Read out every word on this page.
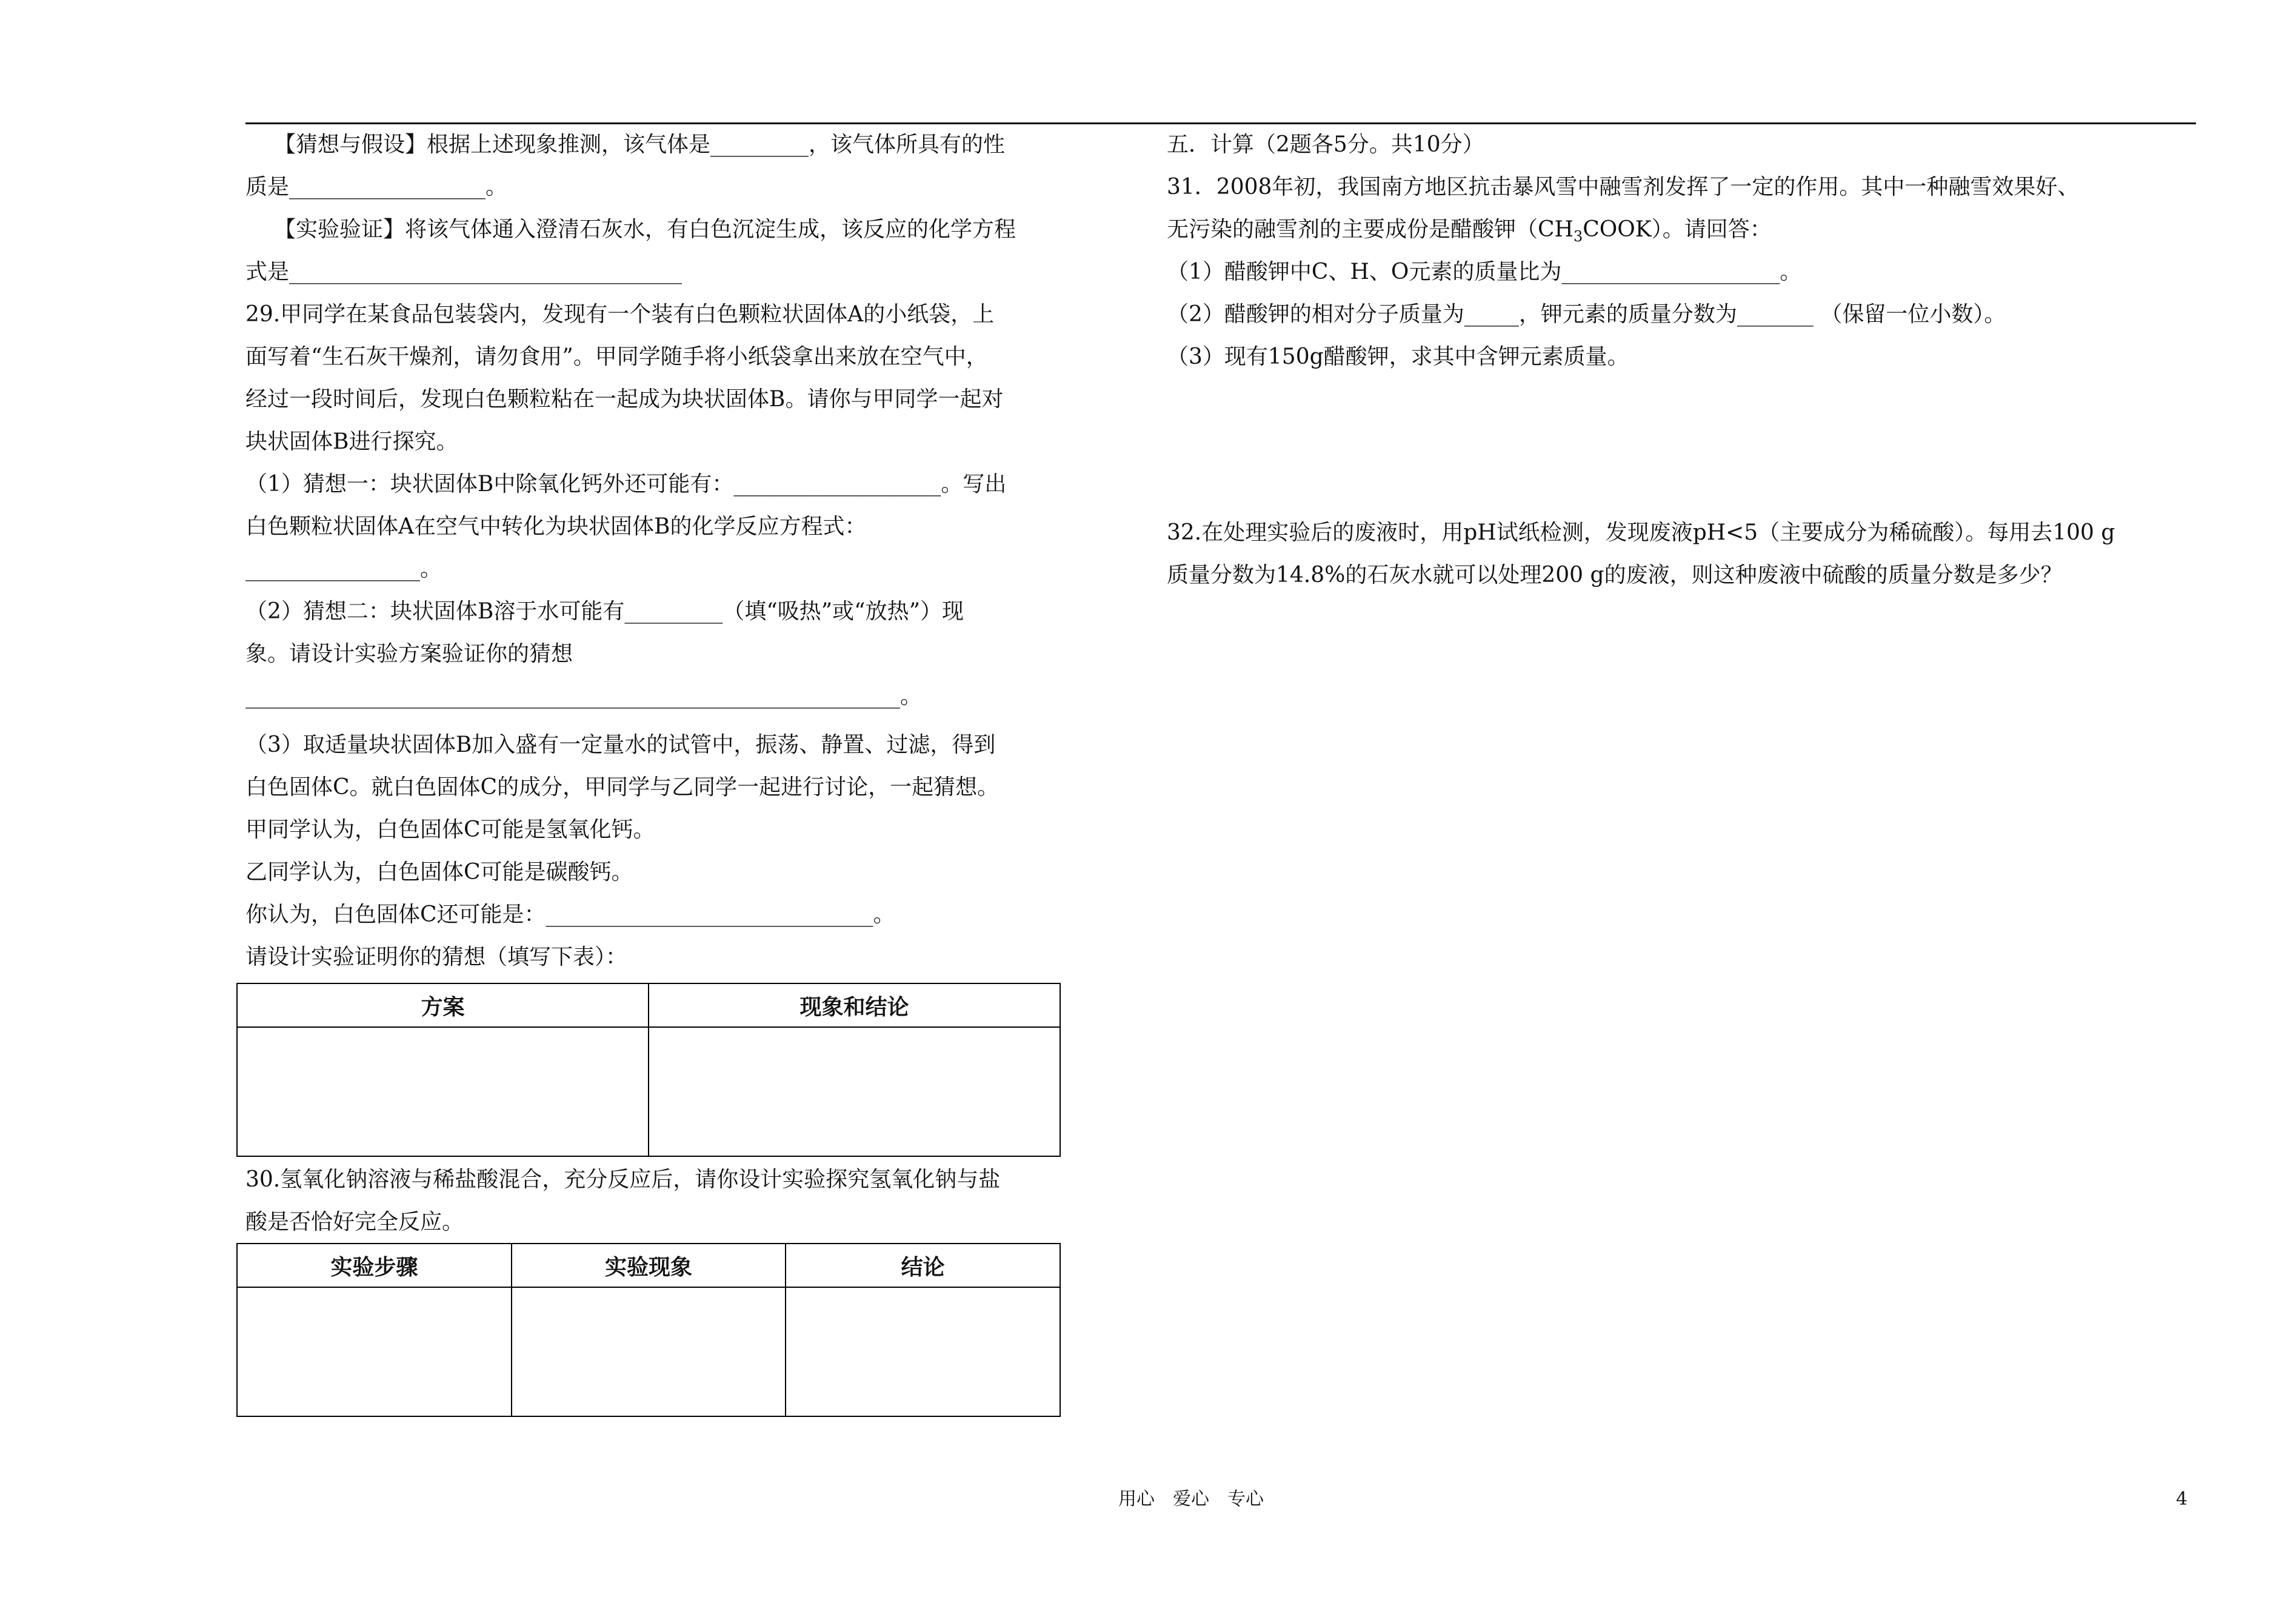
【猜想与假设】根据上述现象推测，该气体是_________，该气体所具有的性
质是__________________。
【实验验证】将该气体通入澄清石灰水，有白色沉淀生成，该反应的化学方程
式是____________________________________
29.甲同学在某食品包装袋内，发现有一个装有白色颗粒状固体A的小纸袋，上
面写着“生石灰干燥剂，请勿食用”。甲同学随手将小纸袋拿出来放在空气中，
经过一段时间后，发现白色颗粒粘在一起成为块状固体B。请你与甲同学一起对
块状固体B进行探究。
（1）猜想一：块状固体B中除氧化钙外还可能有：___________________。写出
白色颗粒状固体A在空气中转化为块状固体B的化学反应方程式：
________________。
（2）猜想二：块状固体B溶于水可能有_________（填“吸热”或“放热”）现
象。请设计实验方案验证你的猜想
____________________________________________________________。
（3）取适量块状固体B加入盛有一定量水的试管中，振荡、静置、过滤，得到
白色固体C。就白色固体C的成分，甲同学与乙同学一起进行讨论，一起猜想。
甲同学认为，白色固体C可能是氢氧化钙。
乙同学认为，白色固体C可能是碳酸钙。
你认为，白色固体C还可能是：______________________________。
请设计实验证明你的猜想（填写下表）：
方案	现象和结论

30.氢氧化钠溶液与稀盐酸混合，充分反应后，请你设计实验探究氢氧化钠与盐
酸是否恰好完全反应。
实验步骤	实验现象	结论

五．计算（2题各5分。共10分）
31．2008年初，我国南方地区抗击暴风雪中融雪剂发挥了一定的作用。其中一种融雪效果好、
无污染的融雪剂的主要成份是醋酸钾$(CH_3COOK)$。请回答：
（1）醋酸钾中C、H、O元素的质量比为____________________。
（2）醋酸钾的相对分子质量为_____，钾元素的质量分数为_______ （保留一位小数）。
（3）现有150g醋酸钾，求其中含钾元素质量。
32.在处理实验后的废液时，用pH试纸检测，发现废液pH<5（主要成分为稀硫酸）。每用去100 g
质量分数为14.8%的石灰水就可以处理200 g的废液，则这种废液中硫酸的质量分数是多少？
用心　爱心　专心	4
